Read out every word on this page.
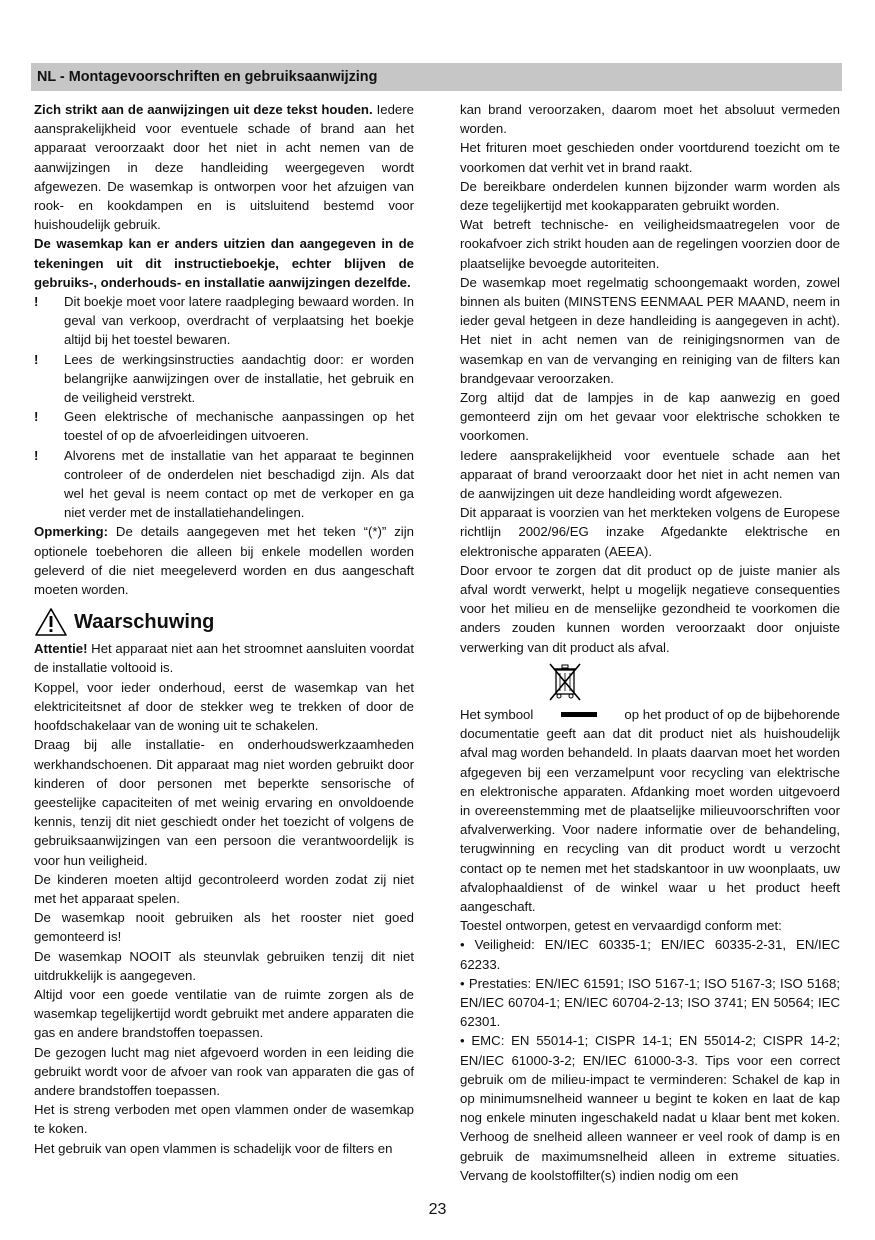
NL - Montagevoorschriften en gebruiksaanwijzing

Zich strikt aan de aanwijzingen uit deze tekst houden. Iedere aansprakelijkheid voor eventuele schade of brand aan het apparaat veroorzaakt door het niet in acht nemen van de aanwijzingen in deze handleiding weergegeven wordt afgewezen. De wasemkap is ontworpen voor het afzuigen van rook- en kookdampen en is uitsluitend bestemd voor huishoudelijk gebruik.

De wasemkap kan er anders uitzien dan aangegeven in de tekeningen uit dit instructieboekje, echter blijven de gebruiks-, onderhouds- en installatie aanwijzingen dezelfde.

! Dit boekje moet voor latere raadpleging bewaard worden. In geval van verkoop, overdracht of verplaatsing het boekje altijd bij het toestel bewaren.
! Lees de werkingsinstructies aandachtig door: er worden belangrijke aanwijzingen over de installatie, het gebruik en de veiligheid verstrekt.
! Geen elektrische of mechanische aanpassingen op het toestel of op de afvoerleidingen uitvoeren.
! Alvorens met de installatie van het apparaat te beginnen controleer of de onderdelen niet beschadigd zijn. Als dat wel het geval is neem contact op met de verkoper en ga niet verder met de installatiehandelingen.

Opmerking: De details aangegeven met het teken “(*)” zijn optionele toebehoren die alleen bij enkele modellen worden geleverd of die niet meegeleverd worden en dus aangeschaft moeten worden.

Waarschuwing

Attentie! Het apparaat niet aan het stroomnet aansluiten voordat de installatie voltooid is.

Koppel, voor ieder onderhoud, eerst de wasemkap van het elektriciteitsnet af door de stekker weg te trekken of door de hoofdschakelaar van de woning uit te schakelen.

Draag bij alle installatie- en onderhoudswerkzaamheden werkhandschoenen. Dit apparaat mag niet worden gebruikt door kinderen of door personen met beperkte sensorische of geestelijke capaciteiten of met weinig ervaring en onvoldoende kennis, tenzij dit niet geschiedt onder het toezicht of volgens de gebruiksaanwijzingen van een persoon die verantwoordelijk is voor hun veiligheid.

De kinderen moeten altijd gecontroleerd worden zodat zij niet met het apparaat spelen.

De wasemkap nooit gebruiken als het rooster niet goed gemonteerd is!

De wasemkap NOOIT als steunvlak gebruiken tenzij dit niet uitdrukkelijk is aangegeven.

Altijd voor een goede ventilatie van de ruimte zorgen als de wasemkap tegelijkertijd wordt gebruikt met andere apparaten die gas en andere brandstoffen toepassen.

De gezogen lucht mag niet afgevoerd worden in een leiding die gebruikt wordt voor de afvoer van rook van apparaten die gas of andere brandstoffen toepassen.

Het is streng verboden met open vlammen onder de wasemkap te koken.

Het gebruik van open vlammen is schadelijk voor de filters en

kan brand veroorzaken, daarom moet het absoluut vermeden worden.

Het frituren moet geschieden onder voortdurend toezicht om te voorkomen dat verhit vet in brand raakt.

De bereikbare onderdelen kunnen bijzonder warm worden als deze tegelijkertijd met kookapparaten gebruikt worden.

Wat betreft technische- en veiligheidsmaatregelen voor de rookafvoer zich strikt houden aan de regelingen voorzien door de plaatselijke bevoegde autoriteiten.

De wasemkap moet regelmatig schoongemaakt worden, zowel binnen als buiten (MINSTENS EENMAAL PER MAAND, neem in ieder geval hetgeen in deze handleiding is aangegeven in acht). Het niet in acht nemen van de reinigingsnormen van de wasemkap en van de vervanging en reiniging van de filters kan brandgevaar veroorzaken.

Zorg altijd dat de lampjes in de kap aanwezig en goed gemonteerd zijn om het gevaar voor elektrische schokken te voorkomen.

Iedere aansprakelijkheid voor eventuele schade aan het apparaat of brand veroorzaakt door het niet in acht nemen van de aanwijzingen uit deze handleiding wordt afgewezen.

Dit apparaat is voorzien van het merkteken volgens de Europese richtlijn 2002/96/EG inzake Afgedankte elektrische en elektronische apparaten (AEEA).

Door ervoor te zorgen dat dit product op de juiste manier als afval wordt verwerkt, helpt u mogelijk negatieve consequenties voor het milieu en de menselijke gezondheid te voorkomen die anders zouden kunnen worden veroorzaakt door onjuiste verwerking van dit product als afval.

Het symbool	op het product of op de bijbehorende

documentatie geeft aan dat dit product niet als huishoudelijk afval mag worden behandeld. In plaats daarvan moet het worden afgegeven bij een verzamelpunt voor recycling van elektrische en elektronische apparaten. Afdanking moet worden uitgevoerd in overeenstemming met de plaatselijke milieuvoorschriften voor afvalverwerking. Voor nadere informatie over de behandeling, terugwinning en recycling van dit product wordt u verzocht contact op te nemen met het stadskantoor in uw woonplaats, uw afvalophaaldienst of de winkel waar u het product heeft aangeschaft.

Toestel ontworpen, getest en vervaardigd conform met:

• Veiligheid: EN/IEC 60335-1; EN/IEC 60335-2-31, EN/IEC 62233.

• Prestaties: EN/IEC 61591; ISO 5167-1; ISO 5167-3; ISO 5168; EN/IEC 60704-1; EN/IEC 60704-2-13; ISO 3741; EN 50564; IEC 62301.

• EMC: EN 55014-1; CISPR 14-1; EN 55014-2; CISPR 14-2; EN/IEC 61000-3-2; EN/IEC 61000-3-3. Tips voor een correct gebruik om de milieu-impact te verminderen: Schakel de kap in op minimumsnelheid wanneer u begint te koken en laat de kap nog enkele minuten ingeschakeld nadat u klaar bent met koken. Verhoog de snelheid alleen wanneer er veel rook of damp is en gebruik de maximumsnelheid alleen in extreme situaties. Vervang de koolstoffilter(s) indien nodig om een

23
